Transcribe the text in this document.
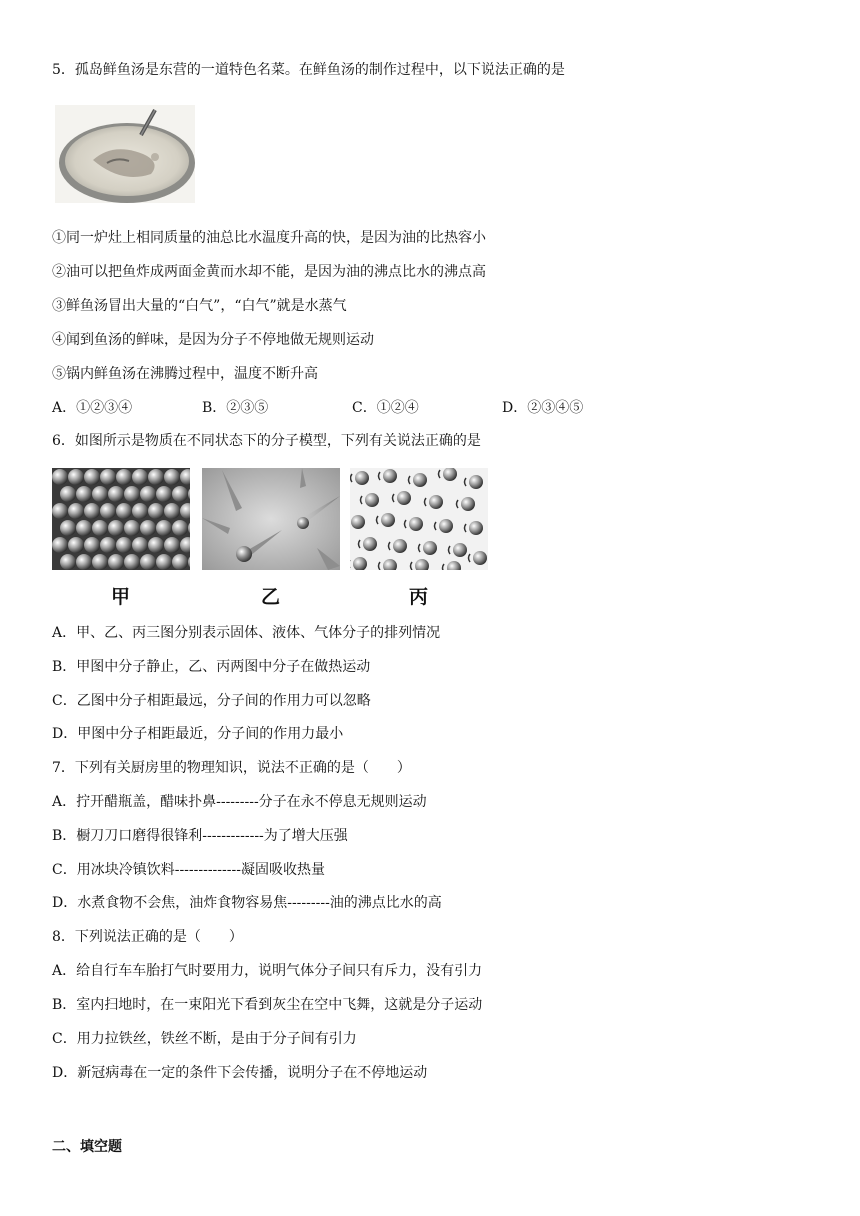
5．孤岛鲜鱼汤是东营的一道特色名菜。在鲜鱼汤的制作过程中，以下说法正确的是
①同一炉灶上相同质量的油总比水温度升高的快，是因为油的比热容小
②油可以把鱼炸成两面金黄而水却不能，是因为油的沸点比水的沸点高
③鲜鱼汤冒出大量的“白气”，“白气”就是水蒸气
④闻到鱼汤的鲜味，是因为分子不停地做无规则运动
⑤锅内鲜鱼汤在沸腾过程中，温度不断升高
A．①②③④	B．②③⑤	C．①②④	D．②③④⑤
6．如图所示是物质在不同状态下的分子模型，下列有关说法正确的是
甲	乙	丙
A．甲、乙、丙三图分别表示固体、液体、气体分子的排列情况
B．甲图中分子静止，乙、丙两图中分子在做热运动
C．乙图中分子相距最远，分子间的作用力可以忽略
D．甲图中分子相距最近，分子间的作用力最小
7．下列有关厨房里的物理知识，说法不正确的是（　　）
A．拧开醋瓶盖，醋味扑鼻---------分子在永不停息无规则运动
B．橱刀刀口磨得很锋利-------------为了增大压强
C．用冰块冷镇饮料--------------凝固吸收热量
D．水煮食物不会焦，油炸食物容易焦---------油的沸点比水的高
8．下列说法正确的是（　　）
A．给自行车车胎打气时要用力，说明气体分子间只有斥力，没有引力
B．室内扫地时，在一束阳光下看到灰尘在空中飞舞，这就是分子运动
C．用力拉铁丝，铁丝不断，是由于分子间有引力
D．新冠病毒在一定的条件下会传播，说明分子在不停地运动
二、填空题
